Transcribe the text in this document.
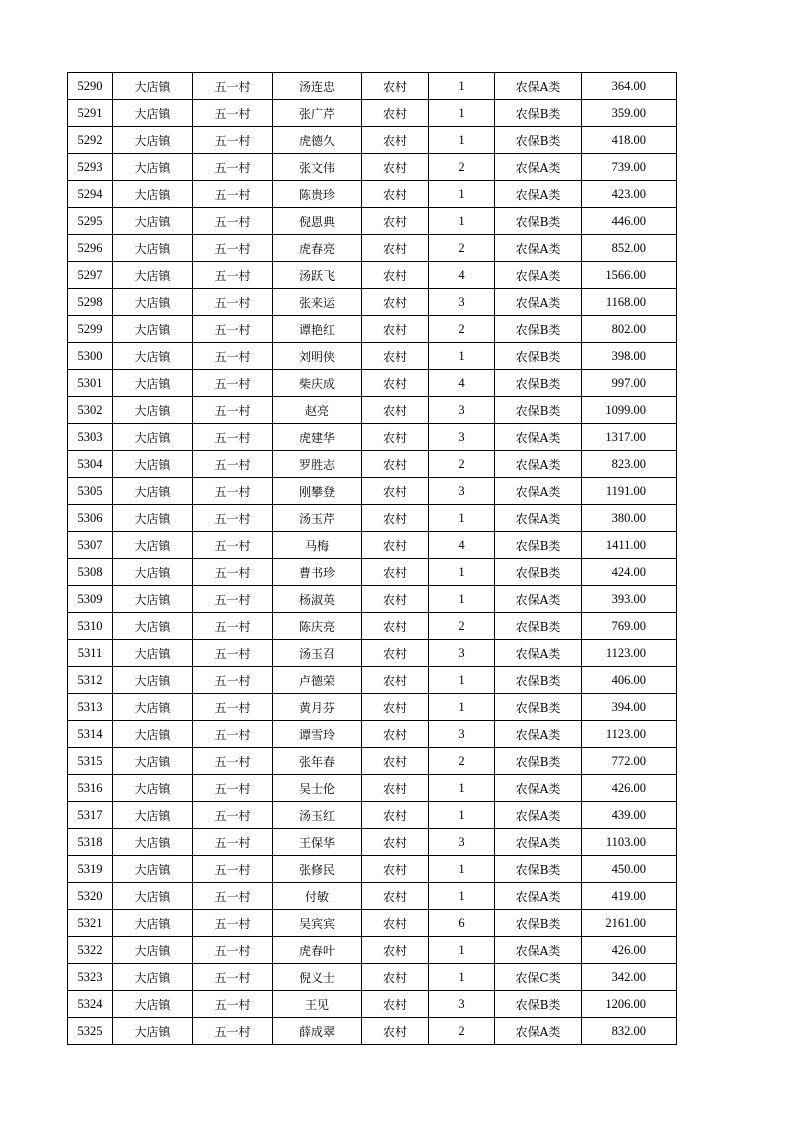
5290	大店镇	五一村	汤连忠	农村	1	农保A类	364.00
5291	大店镇	五一村	张广芹	农村	1	农保B类	359.00
5292	大店镇	五一村	虎德久	农村	1	农保B类	418.00
5293	大店镇	五一村	张文伟	农村	2	农保A类	739.00
5294	大店镇	五一村	陈贵珍	农村	1	农保A类	423.00
5295	大店镇	五一村	倪恩典	农村	1	农保B类	446.00
5296	大店镇	五一村	虎春亮	农村	2	农保A类	852.00
5297	大店镇	五一村	汤跃飞	农村	4	农保A类	1566.00
5298	大店镇	五一村	张来运	农村	3	农保A类	1168.00
5299	大店镇	五一村	谭艳红	农村	2	农保B类	802.00
5300	大店镇	五一村	刘明侠	农村	1	农保B类	398.00
5301	大店镇	五一村	柴庆成	农村	4	农保B类	997.00
5302	大店镇	五一村	赵亮	农村	3	农保B类	1099.00
5303	大店镇	五一村	虎建华	农村	3	农保A类	1317.00
5304	大店镇	五一村	罗胜志	农村	2	农保A类	823.00
5305	大店镇	五一村	刚攀登	农村	3	农保A类	1191.00
5306	大店镇	五一村	汤玉芹	农村	1	农保A类	380.00
5307	大店镇	五一村	马梅	农村	4	农保B类	1411.00
5308	大店镇	五一村	曹书珍	农村	1	农保B类	424.00
5309	大店镇	五一村	杨淑英	农村	1	农保A类	393.00
5310	大店镇	五一村	陈庆亮	农村	2	农保B类	769.00
5311	大店镇	五一村	汤玉召	农村	3	农保A类	1123.00
5312	大店镇	五一村	卢德荣	农村	1	农保B类	406.00
5313	大店镇	五一村	黄月芬	农村	1	农保B类	394.00
5314	大店镇	五一村	谭雪玲	农村	3	农保A类	1123.00
5315	大店镇	五一村	张年春	农村	2	农保B类	772.00
5316	大店镇	五一村	吴士伦	农村	1	农保A类	426.00
5317	大店镇	五一村	汤玉红	农村	1	农保A类	439.00
5318	大店镇	五一村	王保华	农村	3	农保A类	1103.00
5319	大店镇	五一村	张修民	农村	1	农保B类	450.00
5320	大店镇	五一村	付敏	农村	1	农保A类	419.00
5321	大店镇	五一村	吴宾宾	农村	6	农保B类	2161.00
5322	大店镇	五一村	虎春叶	农村	1	农保A类	426.00
5323	大店镇	五一村	倪义士	农村	1	农保C类	342.00
5324	大店镇	五一村	王见	农村	3	农保B类	1206.00
5325	大店镇	五一村	薛成翠	农村	2	农保A类	832.00
